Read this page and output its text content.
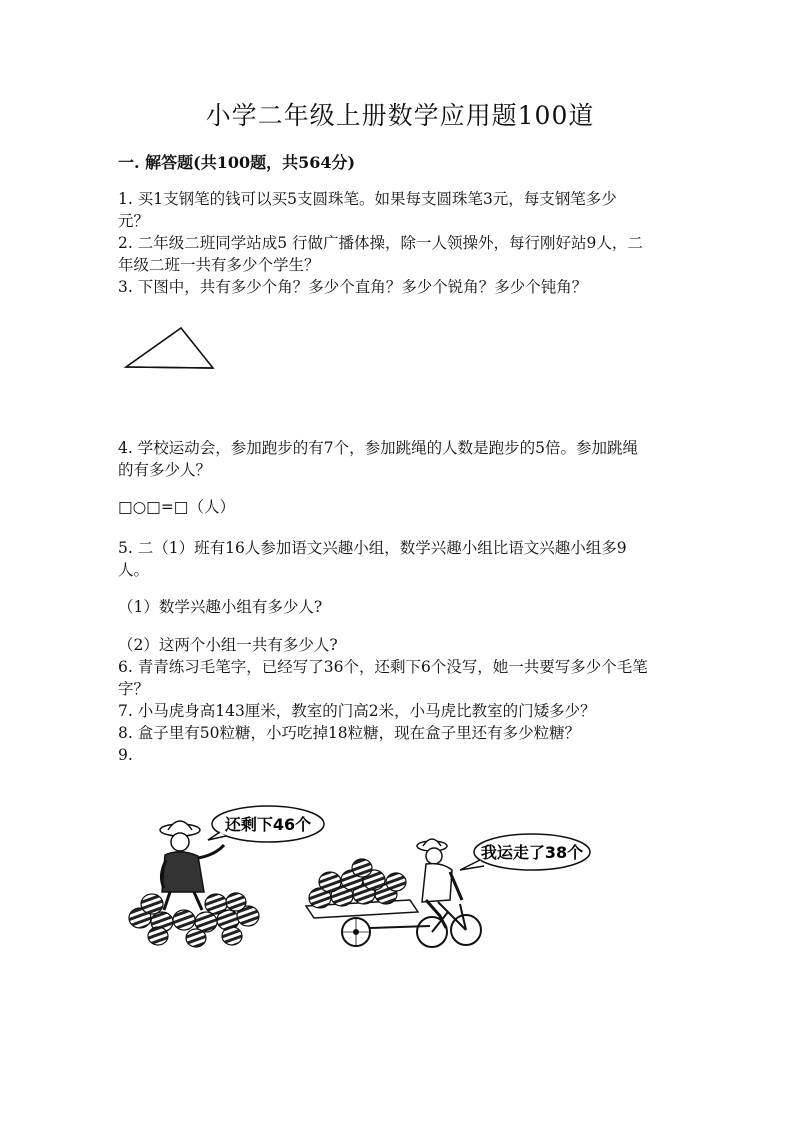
小学二年级上册数学应用题100道
一. 解答题(共100题，共564分)
1. 买1支钢笔的钱可以买5支圆珠笔。如果每支圆珠笔3元，每支钢笔多少
元？
2. 二年级二班同学站成5 行做广播体操，除一人领操外，每行刚好站9人，二
年级二班一共有多少个学生？
3. 下图中，共有多少个角？多少个直角？多少个锐角？多少个钝角？
4. 学校运动会，参加跑步的有7个，参加跳绳的人数是跑步的5倍。参加跳绳
的有多少人？
□○□=□（人）
5. 二（1）班有16人参加语文兴趣小组，数学兴趣小组比语文兴趣小组多9
人。
（1）数学兴趣小组有多少人?
（2）这两个小组一共有多少人?
6. 青青练习毛笔字，已经写了36个，还剩下6个没写，她一共要写多少个毛笔
字？
7. 小马虎身高143厘米，教室的门高2米，小马虎比教室的门矮多少？
8. 盒子里有50粒糖，小巧吃掉18粒糖，现在盒子里还有多少粒糖？
9.
还剩下46个
我运走了38个
